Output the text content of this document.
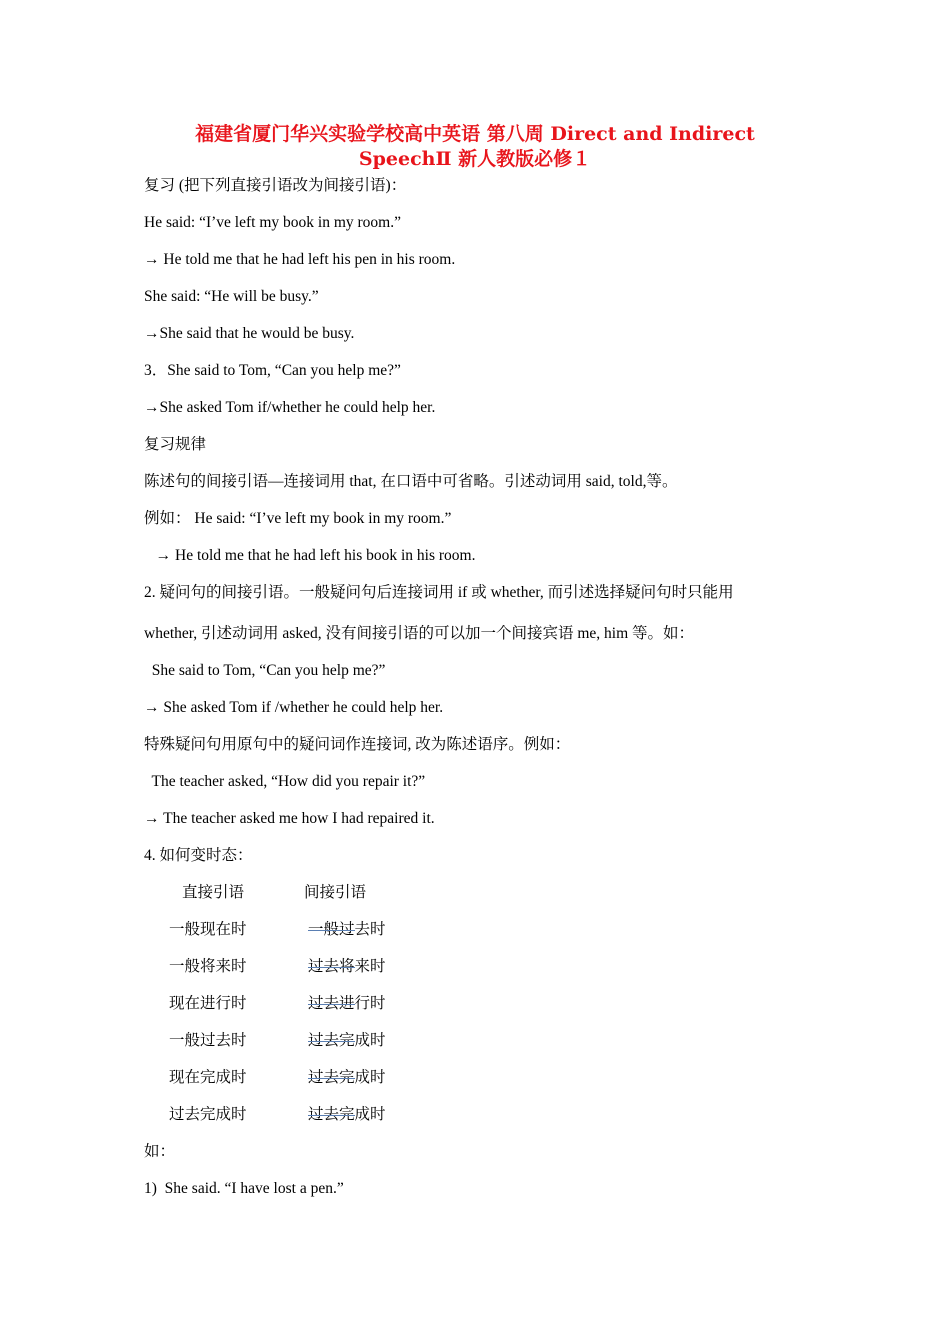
福建省厦门华兴实验学校高中英语 第八周 Direct and Indirect
SpeechⅡ 新人教版必修１
复习 (把下列直接引语改为间接引语)：
He said: “I’ve left my book in my room.”
→ He told me that he had left his pen in his room.
She said: “He will be busy.”
→She said that he would be busy.
3．She said to Tom, “Can you help me?”
→She asked Tom if/whether he could help her.
复习规律
陈述句的间接引语—连接词用 that, 在口语中可省略。引述动词用 said, told,等。
例如： He said: “I’ve left my book in my room.”
→ He told me that he had left his book in his room.
2. 疑问句的间接引语。一般疑问句后连接词用 if 或 whether, 而引述选择疑问句时只能用
whether, 引述动词用 asked, 没有间接引语的可以加一个间接宾语 me, him 等。如：
She said to Tom, “Can you help me?”
→ She asked Tom if /whether he could help her.
特殊疑问句用原句中的疑问词作连接词, 改为陈述语序。例如：
The teacher asked, “How did you repair it?”
→ The teacher asked me how I had repaired it.
4. 如何变时态：
直接引语	间接引语
一般现在时	一般过去时
一般将来时	过去将来时
现在进行时	过去进行时
一般过去时	过去完成时
现在完成时	过去完成时
过去完成时	过去完成时
如：
1)  She said. “I have lost a pen.”
